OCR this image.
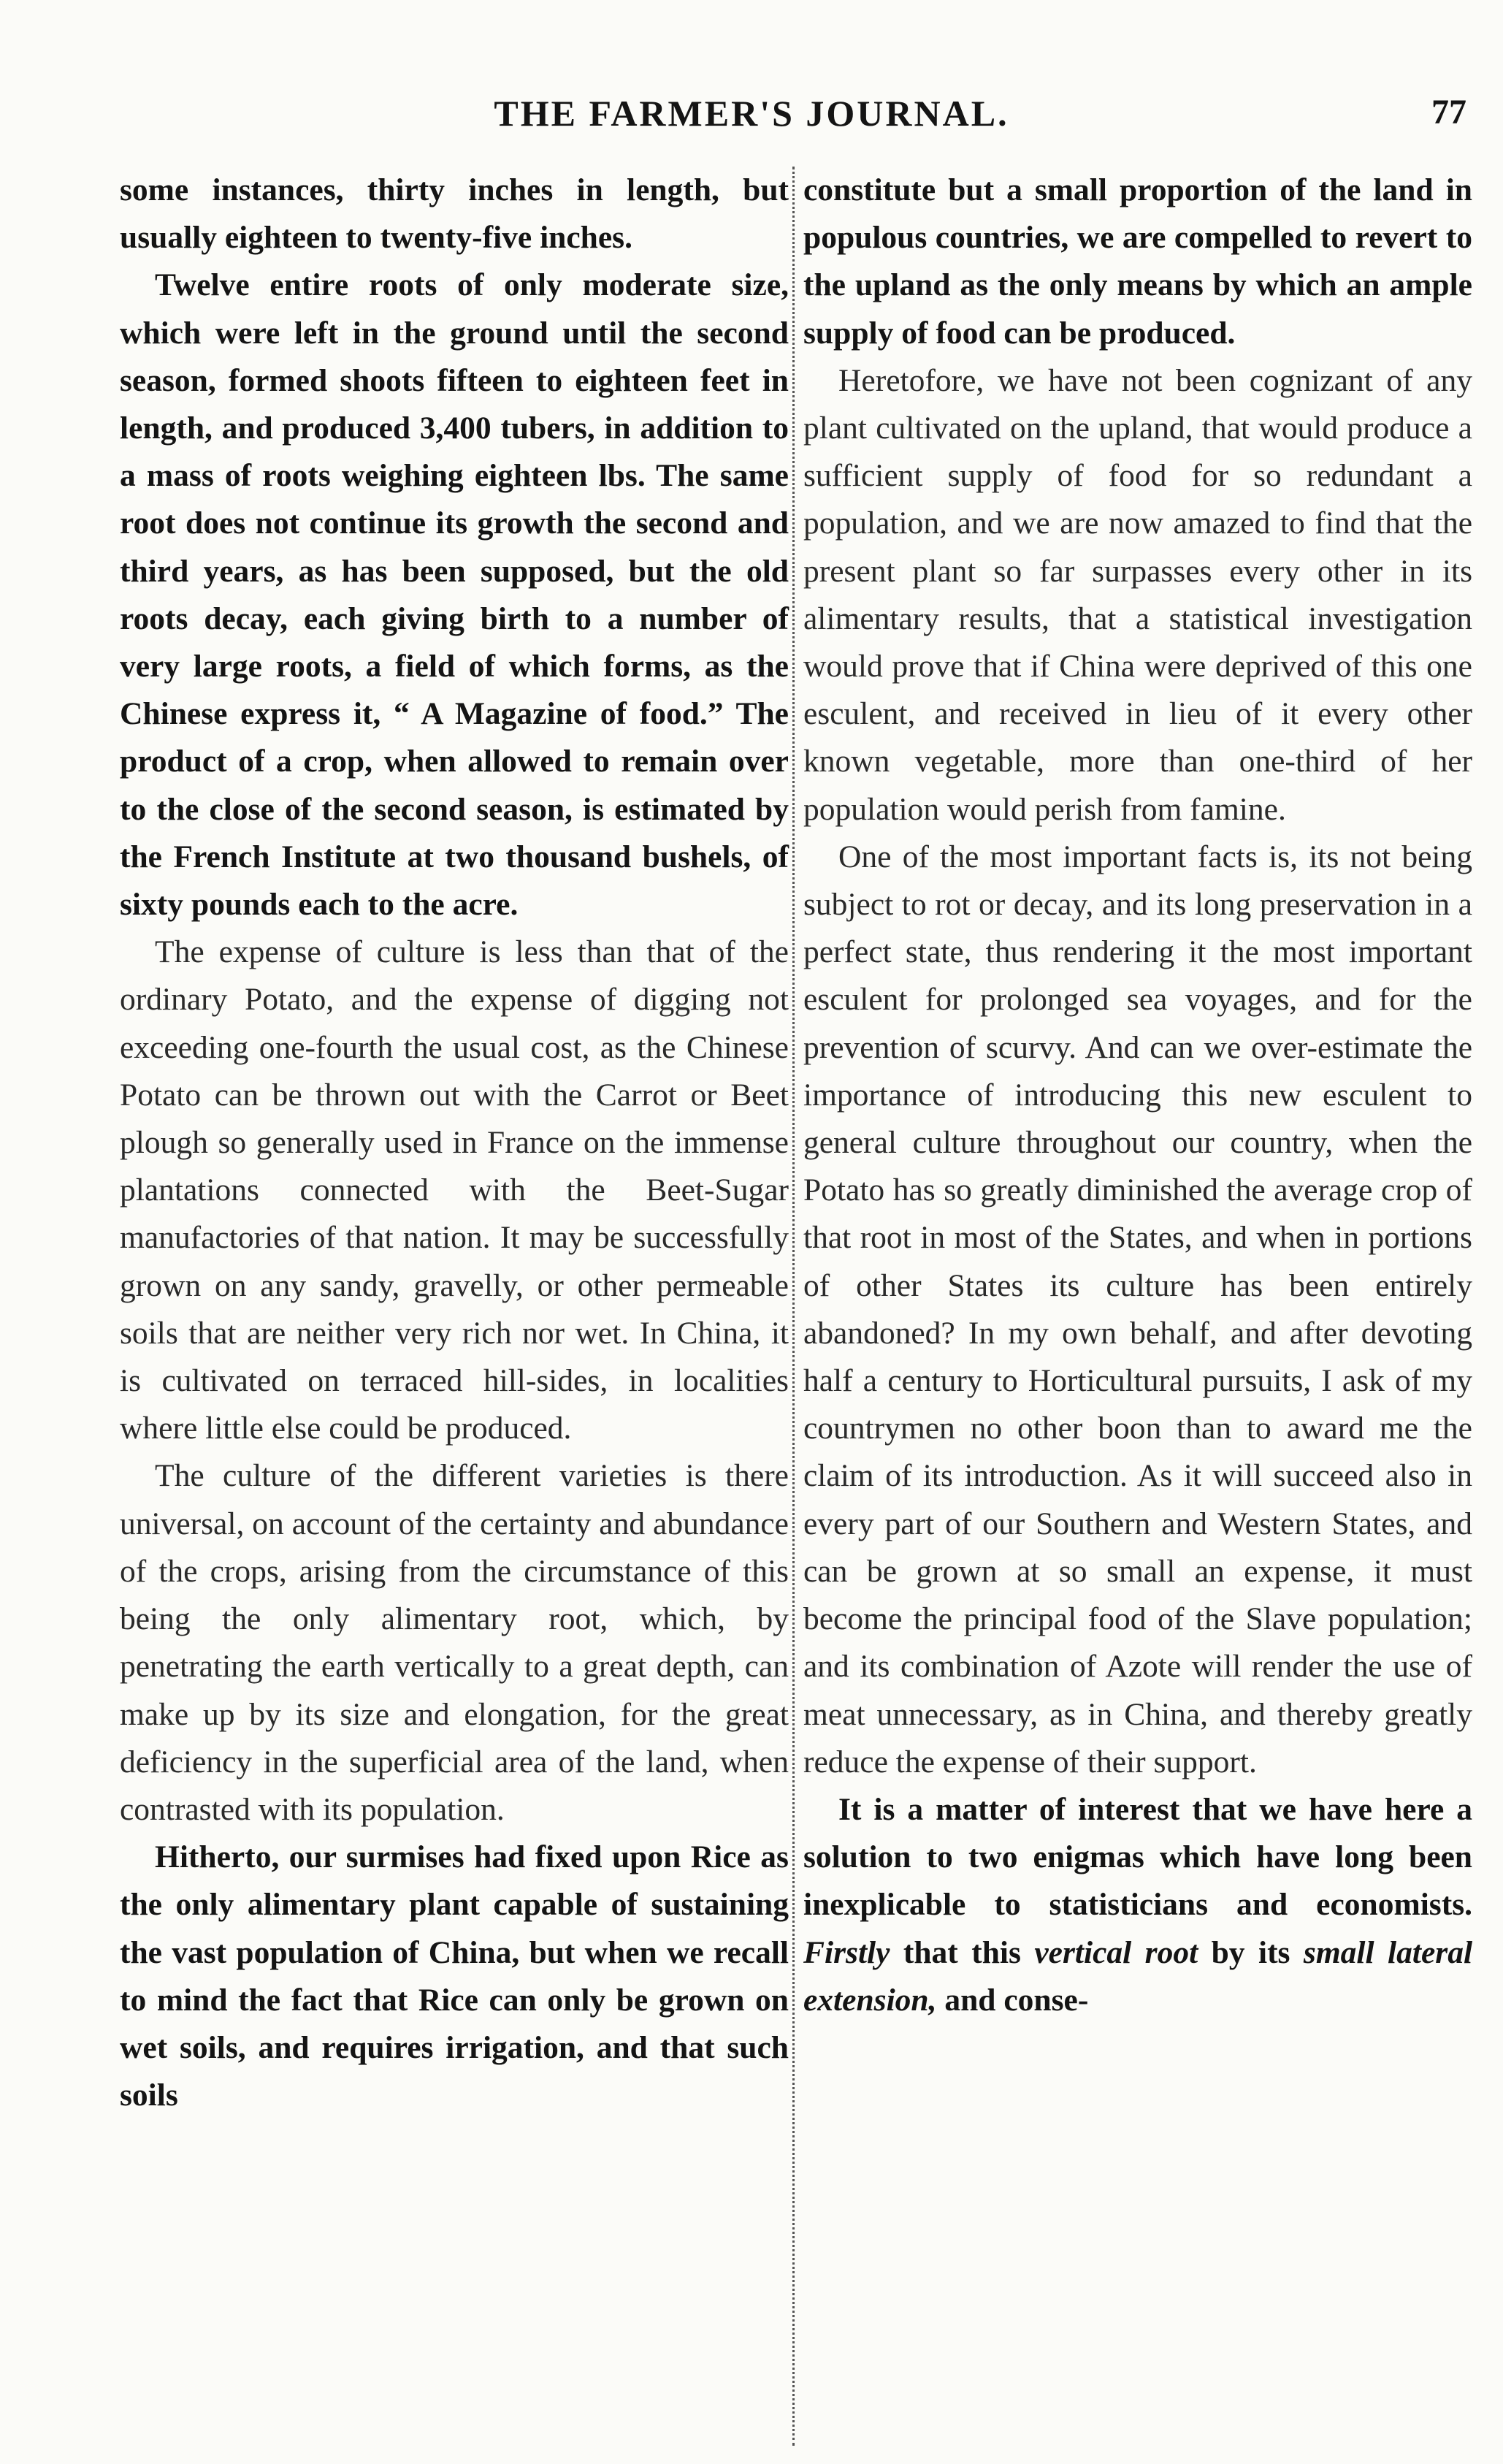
THE FARMER'S JOURNAL.	77

some instances, thirty inches in length, but usually eighteen to twenty-five inches.

Twelve entire roots of only moderate size, which were left in the ground until the second season, formed shoots fifteen to eighteen feet in length, and produced 3,400 tubers, in addition to a mass of roots weighing eighteen lbs. The same root does not continue its growth the second and third years, as has been supposed, but the old roots decay, each giving birth to a number of very large roots, a field of which forms, as the Chinese express it, “ A Magazine of food.” The product of a crop, when allowed to remain over to the close of the second season, is estimated by the French Institute at two thousand bushels, of sixty pounds each to the acre.

The expense of culture is less than that of the ordinary Potato, and the expense of digging not exceeding one-fourth the usual cost, as the Chinese Potato can be thrown out with the Carrot or Beet plough so generally used in France on the immense plantations connected with the Beet-Sugar manufactories of that nation. It may be successfully grown on any sandy, gravelly, or other permeable soils that are neither very rich nor wet. In China, it is cultivated on terraced hill-sides, in localities where little else could be produced.

The culture of the different varieties is there universal, on account of the certainty and abundance of the crops, arising from the circumstance of this being the only alimentary root, which, by penetrating the earth vertically to a great depth, can make up by its size and elongation, for the great deficiency in the superficial area of the land, when contrasted with its population.

Hitherto, our surmises had fixed upon Rice as the only alimentary plant capable of sustaining the vast population of China, but when we recall to mind the fact that Rice can only be grown on wet soils, and requires irrigation, and that such soils

constitute but a small proportion of the land in populous countries, we are compelled to revert to the upland as the only means by which an ample supply of food can be produced.

Heretofore, we have not been cognizant of any plant cultivated on the upland, that would produce a sufficient supply of food for so redundant a population, and we are now amazed to find that the present plant so far surpasses every other in its alimentary results, that a statistical investigation would prove that if China were deprived of this one esculent, and received in lieu of it every other known vegetable, more than one-third of her population would perish from famine.

One of the most important facts is, its not being subject to rot or decay, and its long preservation in a perfect state, thus rendering it the most important esculent for prolonged sea voyages, and for the prevention of scurvy. And can we over-estimate the importance of introducing this new esculent to general culture throughout our country, when the Potato has so greatly diminished the average crop of that root in most of the States, and when in portions of other States its culture has been entirely abandoned? In my own behalf, and after devoting half a century to Horticultural pursuits, I ask of my countrymen no other boon than to award me the claim of its introduction. As it will succeed also in every part of our Southern and Western States, and can be grown at so small an expense, it must become the principal food of the Slave population; and its combination of Azote will render the use of meat unnecessary, as in China, and thereby greatly reduce the expense of their support.

It is a matter of interest that we have here a solution to two enigmas which have long been inexplicable to statisticians and economists. Firstly that this vertical root by its small lateral extension, and conse-
